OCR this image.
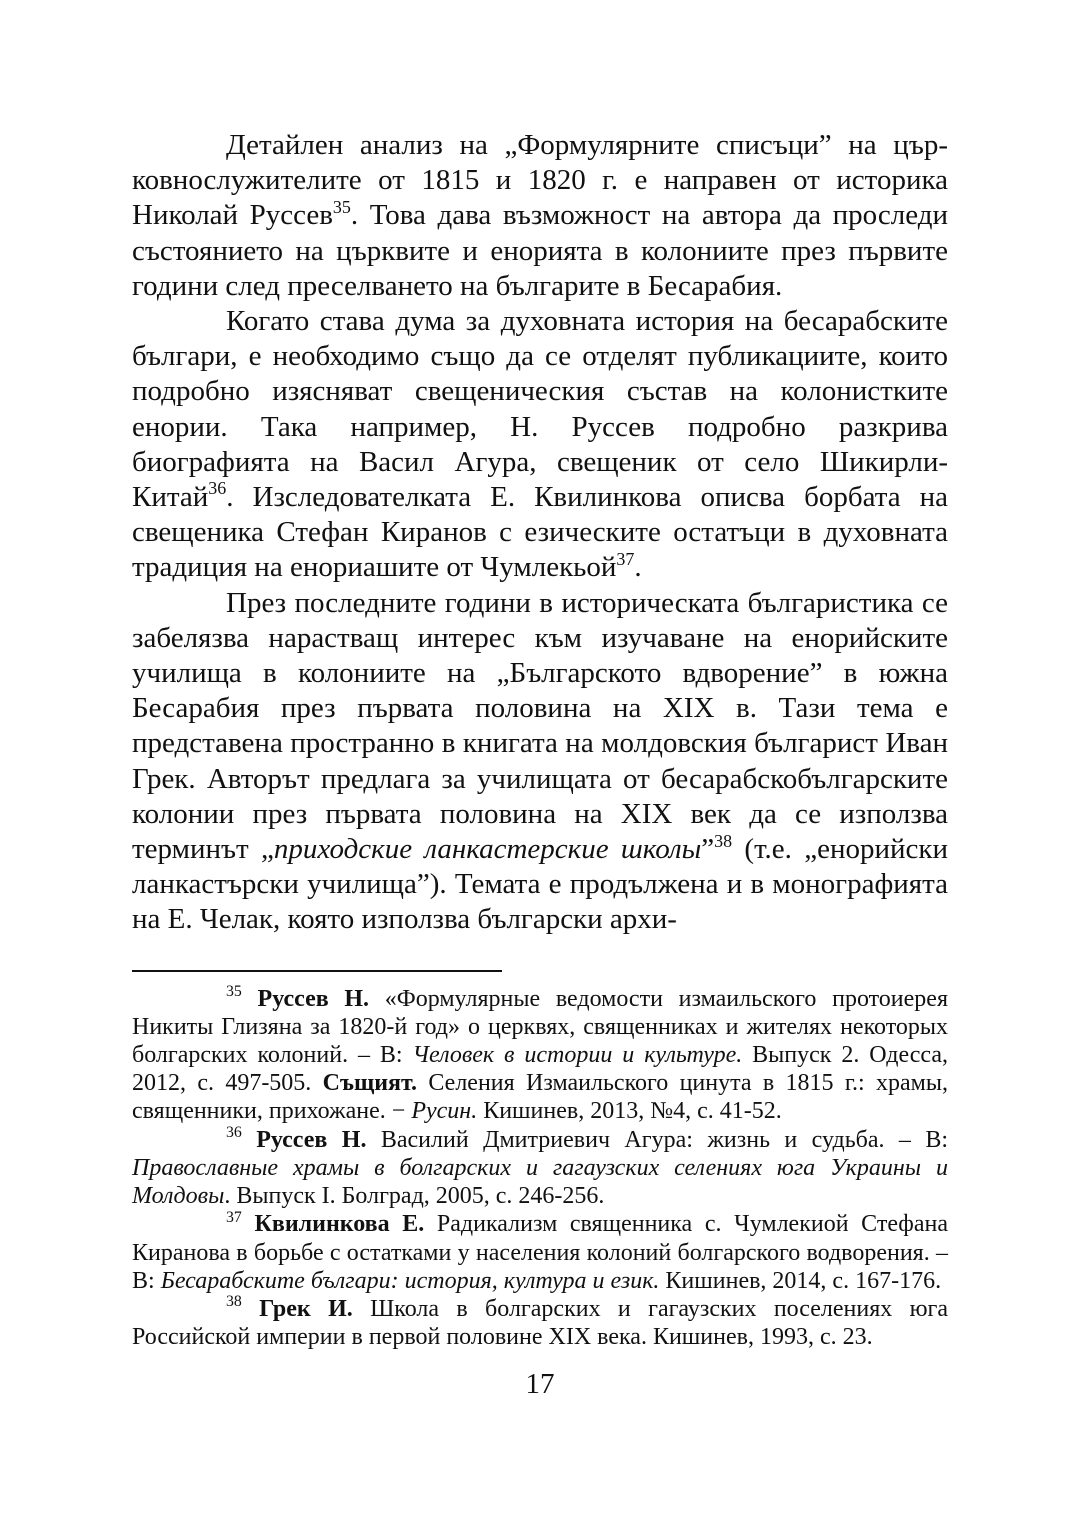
Детайлен анализ на „Формулярните списъци” на църковнослужителите от 1815 и 1820 г. е направен от историка Николай Руссев$^{35}$. Това дава възможност на автора да проследи състоянието на църквите и енорията в колониите през първите години след преселването на българите в Бесарабия.

Когато става дума за духовната история на бесарабските българи, е необходимо също да се отделят публикациите, които подробно изясняват свещеническия състав на колонистките енории. Така например, Н. Руссев подробно разкрива биографията на Васил Агура, свещеник от село Шикирли-Китай$^{36}$. Изследователката Е. Квилинкова описва борбата на свещеника Стефан Киранов с езическите остатъци в духовната традиция на енориашите от Чумлекьой$^{37}$.

През последните години в историческата българистика се забелязва нарастващ интерес към изучаване на енорийските училища в колониите на „Българското вдворение” в южна Бесарабия през първата половина на XIX в. Тази тема е представена пространно в книгата на молдовския българист Иван Грек. Авторът предлага за училищата от бесарабскобългарските колонии през първата половина на XIX век да се използва терминът „приходские ланкастерские школы”$^{38}$ (т.е. „енорийски ланкастърски училища”). Темата е продължена и в монографията на Е. Челак, която използва български архи-

$^{35}$ Руссев Н. «Формулярные ведомости измаильского протоиерея Никиты Глизяна за 1820-й год» о церквях, священниках и жителях некоторых болгарских колоний. – В: Человек в истории и культуре. Выпуск 2. Одесса, 2012, с. 497-505. Същият. Селения Измаильского цинута в 1815 г.: храмы, священники, прихожане. − Русин. Кишинев, 2013, №4, с. 41-52.

$^{36}$ Руссев Н. Василий Дмитриевич Агура: жизнь и судьба. – В: Православные храмы в болгарских и гагаузских селениях юга Украины и Молдовы. Выпуск I. Болград, 2005, с. 246-256.

$^{37}$ Квилинкова Е. Радикализм священника с. Чумлекиой Стефана Киранова в борьбе с остатками у населения колоний болгарского водворения. – В: Бесарабските българи: история, култура и език. Кишинев, 2014, с. 167-176.

$^{38}$ Грек И. Школа в болгарских и гагаузских поселениях юга Российской империи в первой половине XIX века. Кишинев, 1993, с. 23.

17
